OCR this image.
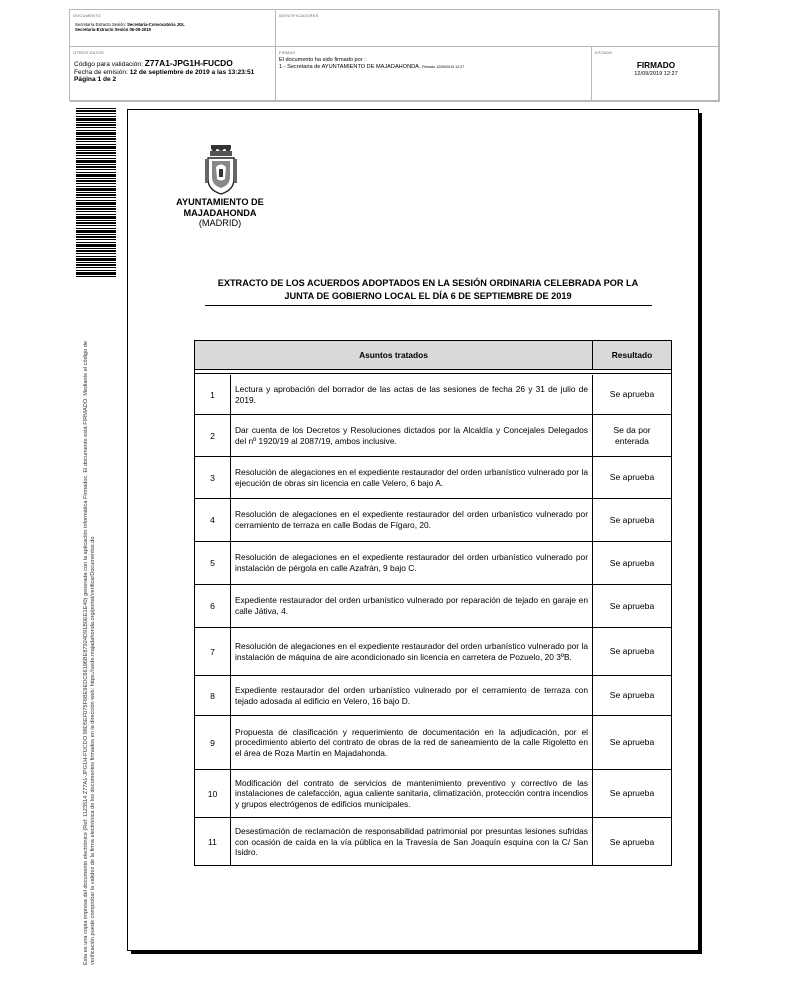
DOCUMENTO
Secretaría Extracto Sesión: Secretaría-Convocatoria JGL
Secretaría-Extracto Sesión 06-09-2019
IDENTIFICADORES
OTROS DATOS
Código para validación: Z77A1-JPG1H-FUCDO
Fecha de emisión: 12 de septiembre de 2019 a las 13:23:51
Página 1 de 2
FIRMAS
El documento ha sido firmado por :
1.- Secretaria de AYUNTAMIENTO DE MAJADAHONDA. Firmado 12/09/2019 12:27
ESTADO
FIRMADO
12/09/2019 12:27
Esta es una copia impresa del documento electrónico (Ref: 1123514 Z77A1-JPG1H-FUCDO 98D5EF075F6BE9EDC66196BE87924D91B0EE1E40) generada con la aplicación informática Firmadoc. El documento está FIRMADO. Mediante el código de verificación puede comprobar la validez de la firma electrónica de los documentos firmados en la dirección web: https://sede.majadahonda.org/portal/verificarDocumentos.do
AYUNTAMIENTO DE
MAJADAHONDA
(MADRID)
EXTRACTO DE LOS ACUERDOS ADOPTADOS EN LA SESIÓN ORDINARIA CELEBRADA POR LA
JUNTA DE GOBIERNO LOCAL EL DÍA 6 DE SEPTIEMBRE DE 2019
Asuntos tratados	Resultado
1
Lectura y aprobación del borrador de las actas de las sesiones de fecha 26 y 31 de julio de 2019.
Se aprueba
2
Dar cuenta de los Decretos y Resoluciones dictados por la Alcaldía y Concejales Delegados del nº 1920/19 al 2087/19, ambos inclusive.
Se da por enterada
3
Resolución de alegaciones en el expediente restaurador del orden urbanístico vulnerado por la ejecución de obras sin licencia en calle Velero, 6 bajo A.
Se aprueba
4
Resolución de alegaciones en el expediente restaurador del orden urbanístico vulnerado por cerramiento de terraza en calle Bodas de Fígaro, 20.
Se aprueba
5
Resolución de alegaciones en el expediente restaurador del orden urbanístico vulnerado por instalación de pérgola en calle Azafrán, 9 bajo C.
Se aprueba
6
Expediente restaurador del orden urbanístico vulnerado por reparación de tejado en garaje en calle Játiva, 4.
Se aprueba
7
Resolución de alegaciones en el expediente restaurador del orden urbanístico vulnerado por la instalación de máquina de aire acondicionado sin licencia en carretera de Pozuelo, 20 3ºB.
Se aprueba
8
Expediente restaurador del orden urbanístico vulnerado por el cerramiento de terraza con tejado adosada al edificio en Velero, 16 bajo D.
Se aprueba
9
Propuesta de clasificación y requerimiento de documentación en la adjudicación, por el procedimiento abierto del contrato de obras de la red de saneamiento de la calle Rigoletto en el área de Roza Martín en Majadahonda.
Se aprueba
10
Modificación del contrato de servicios de mantenimiento preventivo y correctivo de las instalaciones de calefacción, agua caliente sanitaria, climatización, protección contra incendios y grupos electrógenos de edificios municipales.
Se aprueba
11
Desestimación de reclamación de responsabilidad patrimonial por presuntas lesiones sufridas con ocasión de caída en la vía pública en la Travesía de San Joaquín esquina con la C/ San Isidro.
Se aprueba
